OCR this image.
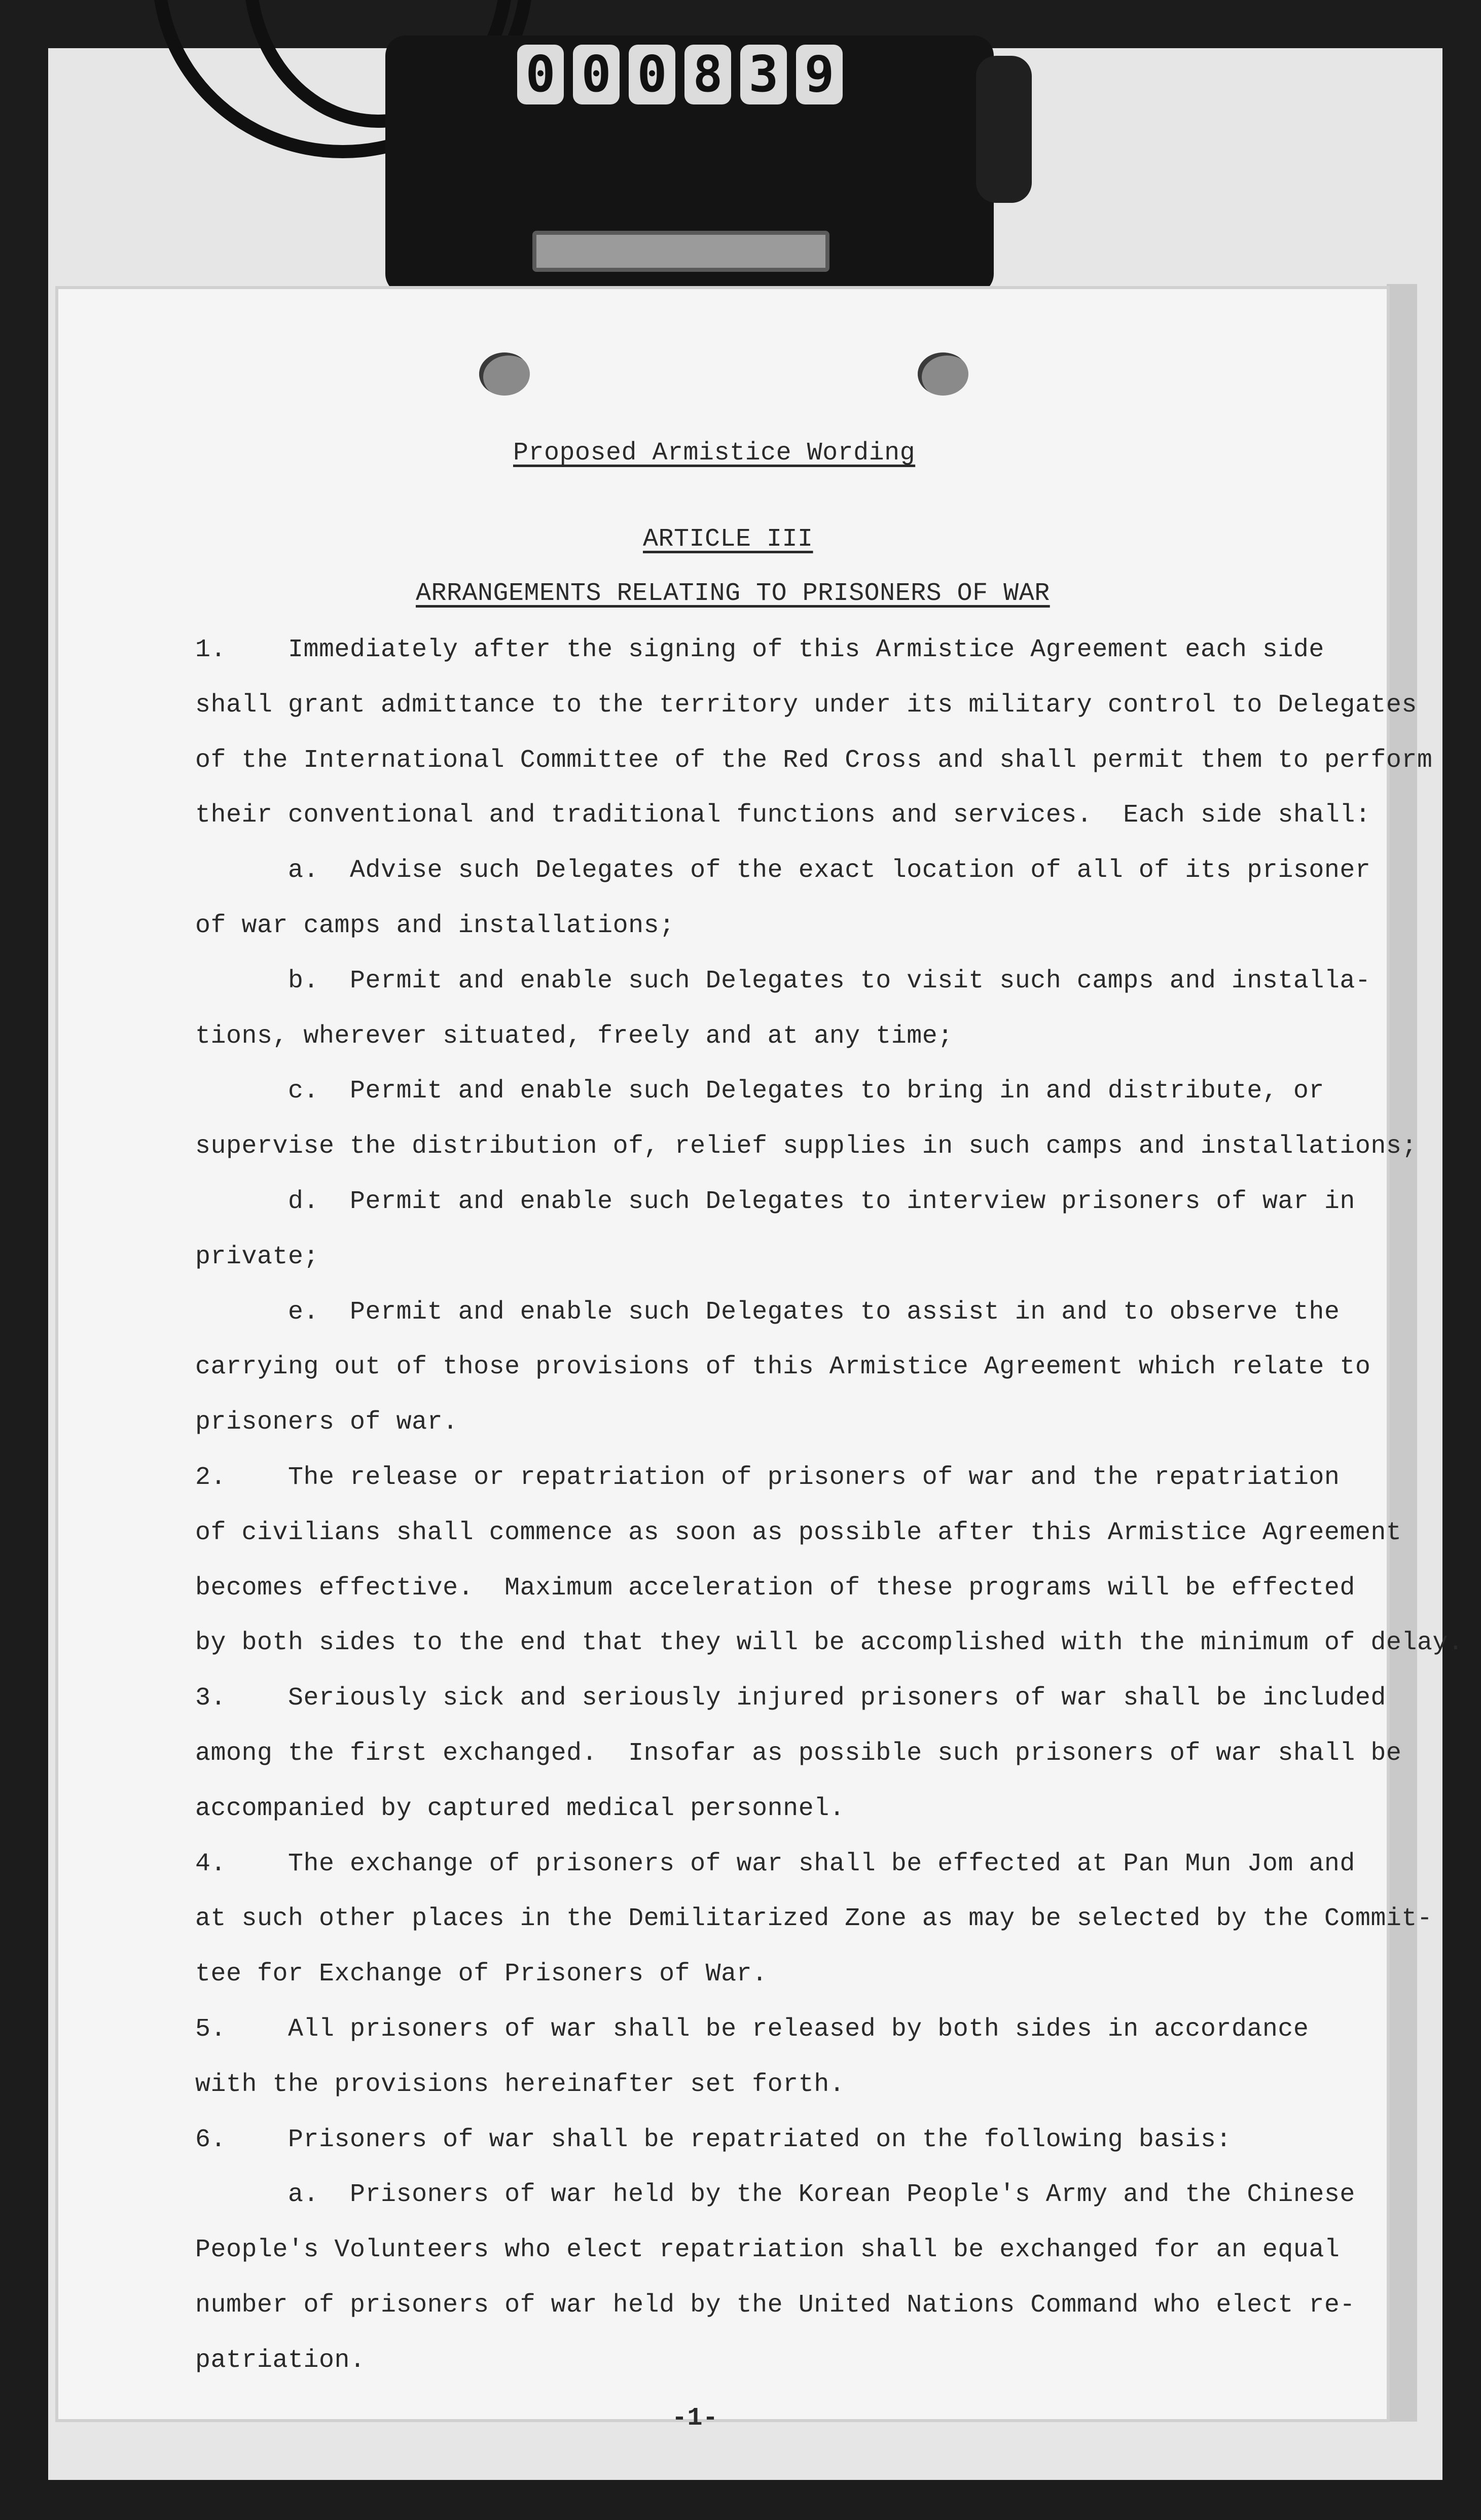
0 0 0 8 3 9
Proposed Armistice Wording
ARTICLE III
ARRANGEMENTS RELATING TO PRISONERS OF WAR
1.    Immediately after the signing of this Armistice Agreement each side
shall grant admittance to the territory under its military control to Delegates
of the International Committee of the Red Cross and shall permit them to perform
their conventional and traditional functions and services.  Each side shall:
a.  Advise such Delegates of the exact location of all of its prisoner
of war camps and installations;
b.  Permit and enable such Delegates to visit such camps and installa-
tions, wherever situated, freely and at any time;
c.  Permit and enable such Delegates to bring in and distribute, or
supervise the distribution of, relief supplies in such camps and installations;
d.  Permit and enable such Delegates to interview prisoners of war in
private;
e.  Permit and enable such Delegates to assist in and to observe the
carrying out of those provisions of this Armistice Agreement which relate to
prisoners of war.
2.    The release or repatriation of prisoners of war and the repatriation
of civilians shall commence as soon as possible after this Armistice Agreement
becomes effective.  Maximum acceleration of these programs will be effected
by both sides to the end that they will be accomplished with the minimum of delay.
3.    Seriously sick and seriously injured prisoners of war shall be included
among the first exchanged.  Insofar as possible such prisoners of war shall be
accompanied by captured medical personnel.
4.    The exchange of prisoners of war shall be effected at Pan Mun Jom and
at such other places in the Demilitarized Zone as may be selected by the Commit-
tee for Exchange of Prisoners of War.
5.    All prisoners of war shall be released by both sides in accordance
with the provisions hereinafter set forth.
6.    Prisoners of war shall be repatriated on the following basis:
a.  Prisoners of war held by the Korean People's Army and the Chinese
People's Volunteers who elect repatriation shall be exchanged for an equal
number of prisoners of war held by the United Nations Command who elect re-
patriation.
-1-
